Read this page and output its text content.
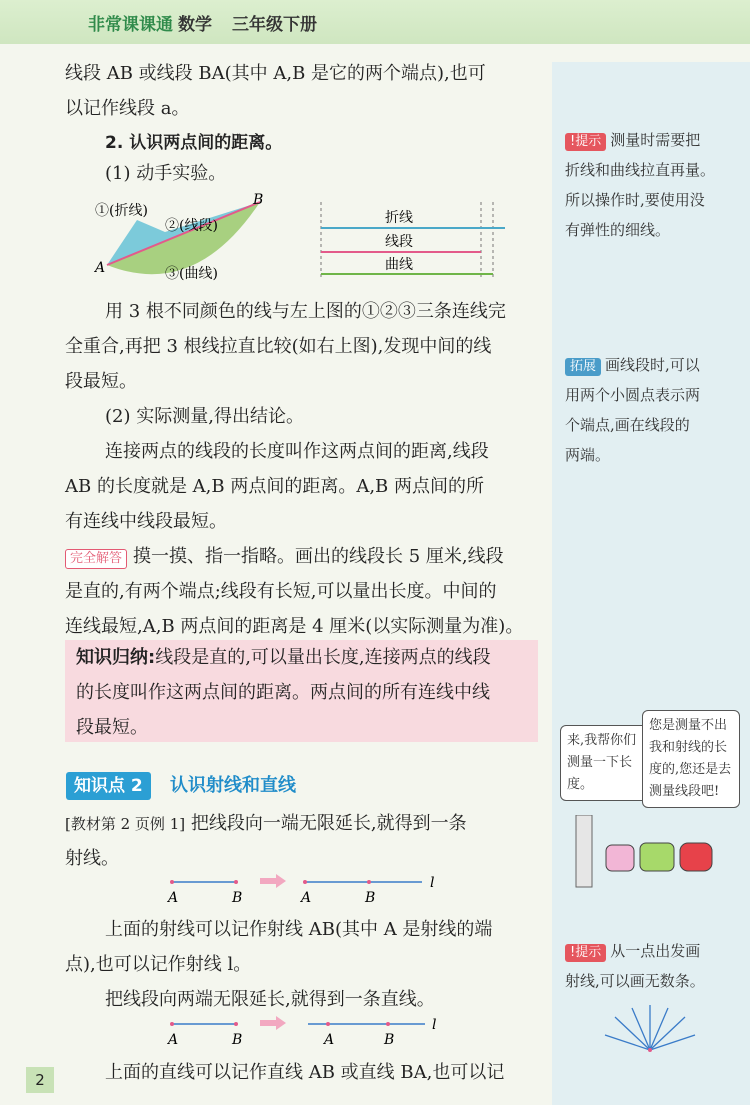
非常课课通 数学 三年级下册
线段 AB 或线段 BA(其中 A,B 是它的两个端点),也可
以记作线段 a。
2. 认识两点间的距离。
(1) 动手实验。
①(折线)
②(线段)
③(曲线)
A
B
折线
线段
曲线
用 3 根不同颜色的线与左上图的①②③三条连线完
全重合,再把 3 根线拉直比较(如右上图),发现中间的线
段最短。
(2) 实际测量,得出结论。
连接两点的线段的长度叫作这两点间的距离,线段
AB 的长度就是 A,B 两点间的距离。A,B 两点间的所
有连线中线段最短。
完全解答 摸一摸、指一指略。画出的线段长 5 厘米,线段
是直的,有两个端点;线段有长短,可以量出长度。中间的
连线最短,A,B 两点间的距离是 4 厘米(以实际测量为准)。
知识归纳:线段是直的,可以量出长度,连接两点的线段
的长度叫作这两点间的距离。两点间的所有连线中线
段最短。
知识点 2	认识射线和直线
[教材第 2 页例 1] 把线段向一端无限延长,就得到一条
射线。
A	B	A	B
l
上面的射线可以记作射线 AB(其中 A 是射线的端
点),也可以记作射线 l。
把线段向两端无限延长,就得到一条直线。
A	B
A	B
l
上面的直线可以记作直线 AB 或直线 BA,也可以记
2
!提示 测量时需要把
折线和曲线拉直再量。
所以操作时,要使用没
有弹性的细线。
拓展 画线段时,可以
用两个小圆点表示两
个端点,画在线段的
两端。
来,我帮你们测量一下长度。
您是测量不出我和射线的长度的,您还是去测量线段吧!
!提示 从一点出发画
射线,可以画无数条。
